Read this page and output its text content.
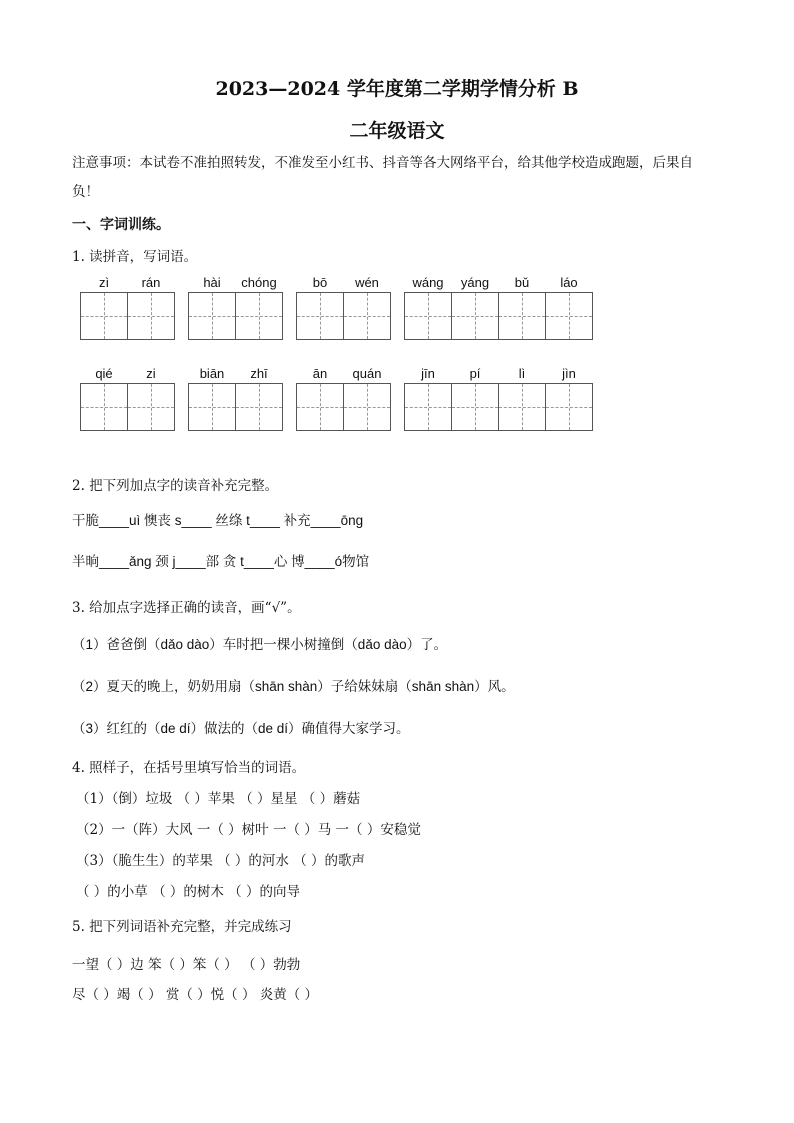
2023—2024 学年度第二学期学情分析 B
二年级语文
注意事项：本试卷不准拍照转发，不准发至小红书、抖音等各大网络平台，给其他学校造成跑题，后果自
负！
一、字词训练。
1. 读拼音，写词语。
zì	rán	hài	chóng	bō	wén	wáng	yáng	bǔ	láo
qié	zi	biān	zhī	ān	quán	jīn	pí	lì	jìn
2. 把下列加点字的读音补充完整。
干脆____uì 懊丧 s____ 丝绦 t____ 补充____ōng
半晌____ǎng 颈 j____部 贪 t____心 博____ó物馆
3. 给加点字选择正确的读音，画“√”。
（1）爸爸倒（dǎo dào）车时把一棵小树撞倒（dǎo dào）了。
（2）夏天的晚上，奶奶用扇（shān shàn）子给妹妹扇（shān shàn）风。
（3）红红的（de dí）做法的（de dí）确值得大家学习。
4. 照样子，在括号里填写恰当的词语。
（1）（倒）垃圾 （ ）苹果 （ ）星星 （ ）蘑菇
（2）一（阵）大风 一（ ）树叶 一（ ）马 一（ ）安稳觉
（3）（脆生生）的苹果 （ ）的河水 （ ）的歌声
（ ）的小草 （ ）的树木 （ ）的向导
5. 把下列词语补充完整，并完成练习
一望（ ）边 笨（ ）笨（ ） （ ）勃勃
尽（ ）竭（ ） 赏（ ）悦（ ） 炎黄（ ）
